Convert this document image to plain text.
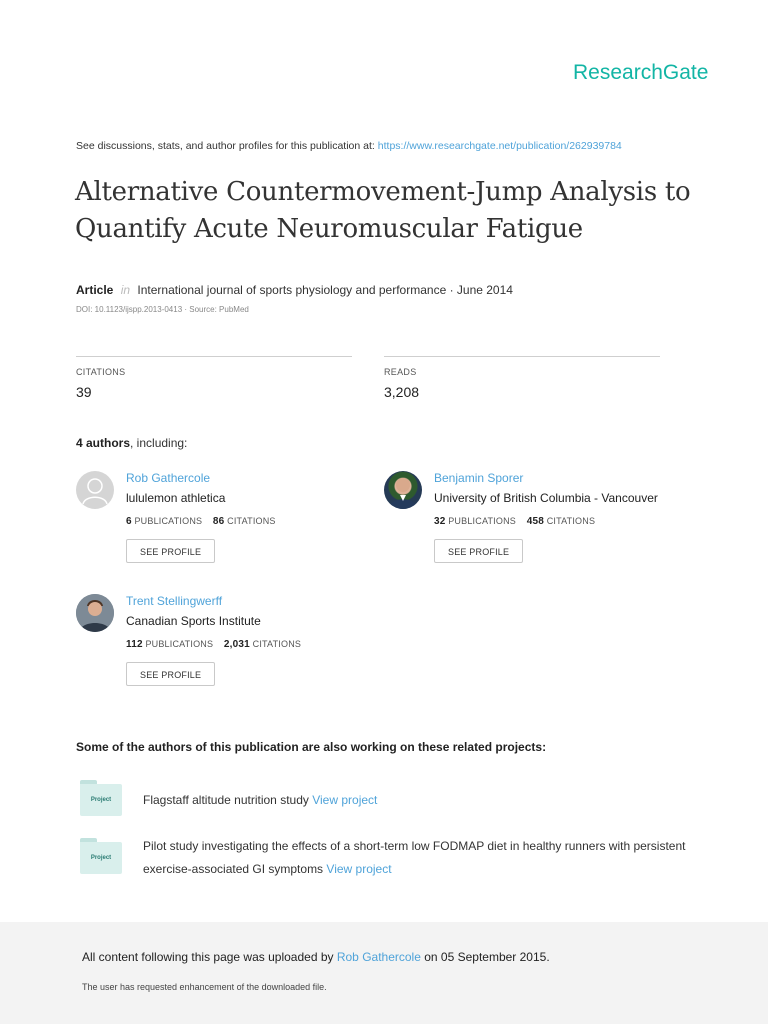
ResearchGate
See discussions, stats, and author profiles for this publication at: https://www.researchgate.net/publication/262939784
Alternative Countermovement-Jump Analysis to Quantify Acute Neuromuscular Fatigue
Article in International journal of sports physiology and performance · June 2014
DOI: 10.1123/ijspp.2013-0413 · Source: PubMed
CITATIONS
39
READS
3,208
4 authors, including:
Rob Gathercole
lululemon athletica
6 PUBLICATIONS 86 CITATIONS
SEE PROFILE
Benjamin Sporer
University of British Columbia - Vancouver
32 PUBLICATIONS 458 CITATIONS
SEE PROFILE
Trent Stellingwerff
Canadian Sports Institute
112 PUBLICATIONS 2,031 CITATIONS
SEE PROFILE
Some of the authors of this publication are also working on these related projects:
Project	Flagstaff altitude nutrition study View project
Project
Pilot study investigating the effects of a short-term low FODMAP diet in healthy runners with persistent exercise-associated GI symptoms View project
All content following this page was uploaded by Rob Gathercole on 05 September 2015.
The user has requested enhancement of the downloaded file.
